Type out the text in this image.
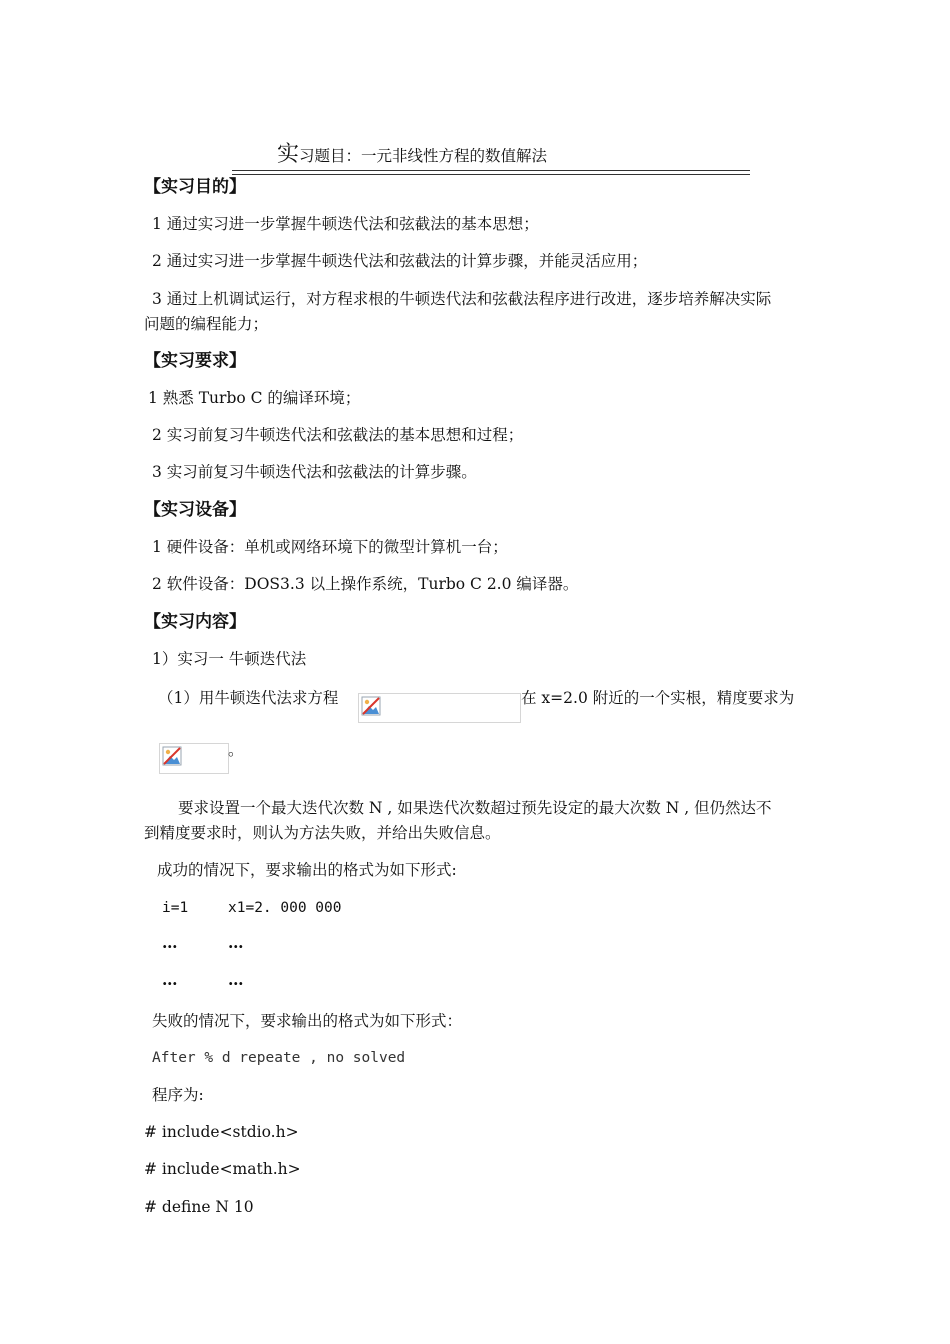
实习题目：一元非线性方程的数值解法
【实习目的】
1 通过实习进一步掌握牛顿迭代法和弦截法的基本思想；
2 通过实习进一步掌握牛顿迭代法和弦截法的计算步骤，并能灵活应用；
3 通过上机调试运行，对方程求根的牛顿迭代法和弦截法程序进行改进，逐步培养解决实际
问题的编程能力；
【实习要求】
1 熟悉 Turbo C 的编译环境；
2 实习前复习牛顿迭代法和弦截法的基本思想和过程；
3 实习前复习牛顿迭代法和弦截法的计算步骤。
【实习设备】
1 硬件设备：单机或网络环境下的微型计算机一台；
2 软件设备：DOS3.3 以上操作系统，Turbo C 2.0 编译器。
【实习内容】
1）实习一 牛顿迭代法
（1）用牛顿迭代法求方程	在 x=2.0 附近的一个实根，精度要求为
。
要求设置一个最大迭代次数 N , 如果迭代次数超过预先设定的最大次数 N , 但仍然达不
到精度要求时，则认为方法失败，并给出失败信息。
成功的情况下，要求输出的格式为如下形式:
i=1	x1=2. 000 000
…	…
…	…
失败的情况下，要求输出的格式为如下形式：
After % d repeate , no solved
程序为:
# include<stdio.h>
# include<math.h>
# define N 10
